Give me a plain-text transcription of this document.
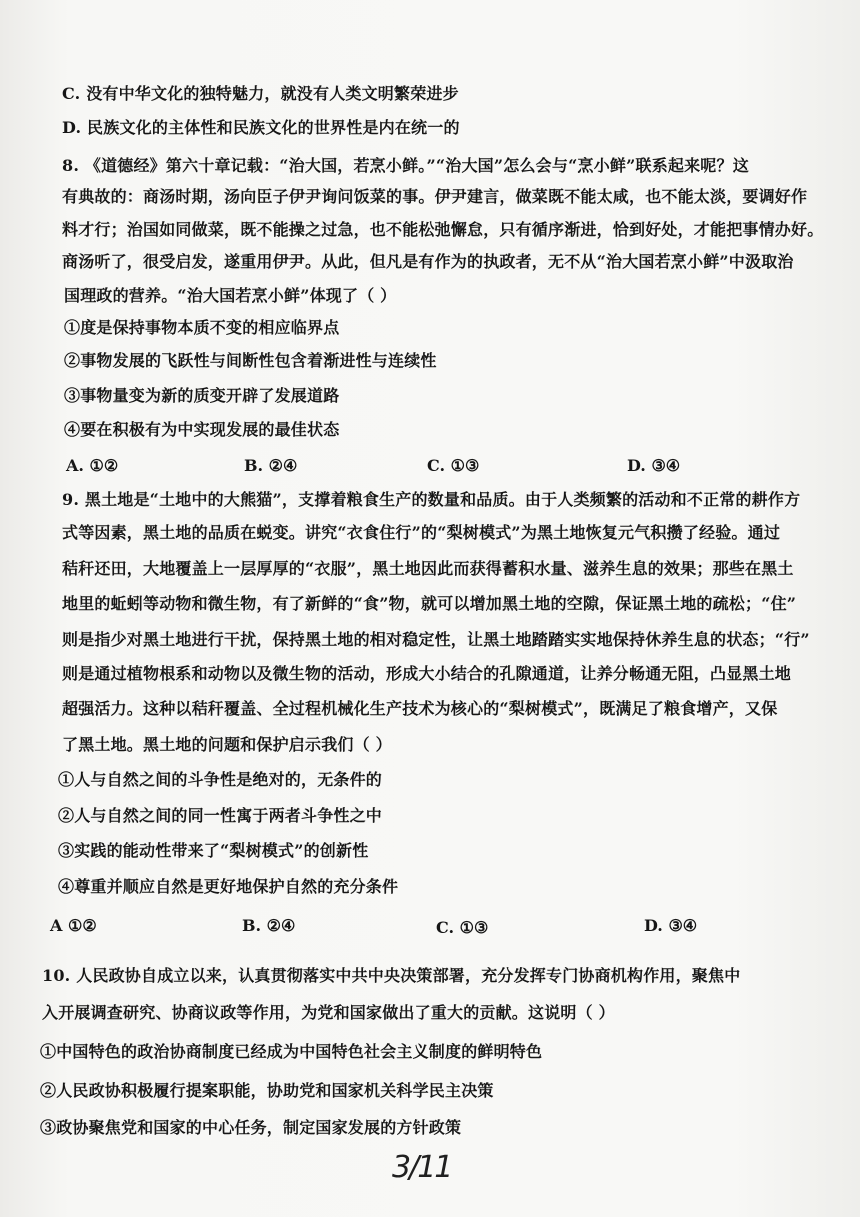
C. 没有中华文化的独特魅力，就没有人类文明繁荣进步
D. 民族文化的主体性和民族文化的世界性是内在统一的
8. 《道德经》第六十章记载：“治大国，若烹小鲜。”“治大国”怎么会与“烹小鲜”联系起来呢？这
有典故的：商汤时期，汤向臣子伊尹询问饭菜的事。伊尹建言，做菜既不能太咸，也不能太淡，要调好作
料才行；治国如同做菜，既不能操之过急，也不能松弛懈怠，只有循序渐进，恰到好处，才能把事情办好。
商汤听了，很受启发，遂重用伊尹。从此，但凡是有作为的执政者，无不从“治大国若烹小鲜”中汲取治
国理政的营养。“治大国若烹小鲜”体现了（ ）
①度是保持事物本质不变的相应临界点
②事物发展的飞跃性与间断性包含着渐进性与连续性
③事物量变为新的质变开辟了发展道路
④要在积极有为中实现发展的最佳状态
A. ①②	B. ②④	C. ①③	D. ③④
9. 黑土地是“土地中的大熊猫”，支撑着粮食生产的数量和品质。由于人类频繁的活动和不正常的耕作方
式等因素，黑土地的品质在蜕变。讲究“衣食住行”的“梨树模式”为黑土地恢复元气积攒了经验。通过
秸秆还田，大地覆盖上一层厚厚的“衣服”，黑土地因此而获得蓄积水量、滋养生息的效果；那些在黑土
地里的蚯蚓等动物和微生物，有了新鲜的“食”物，就可以增加黑土地的空隙，保证黑土地的疏松；“住”
则是指少对黑土地进行干扰，保持黑土地的相对稳定性，让黑土地踏踏实实地保持休养生息的状态；“行”
则是通过植物根系和动物以及微生物的活动，形成大小结合的孔隙通道，让养分畅通无阻，凸显黑土地
超强活力。这种以秸秆覆盖、全过程机械化生产技术为核心的“梨树模式”，既满足了粮食增产，又保
了黑土地。黑土地的问题和保护启示我们（ ）
①人与自然之间的斗争性是绝对的，无条件的
②人与自然之间的同一性寓于两者斗争性之中
③实践的能动性带来了“梨树模式”的创新性
④尊重并顺应自然是更好地保护自然的充分条件
A ①②	B. ②④	C. ①③	D. ③④
10. 人民政协自成立以来，认真贯彻落实中共中央决策部署，充分发挥专门协商机构作用，聚焦中
入开展调查研究、协商议政等作用，为党和国家做出了重大的贡献。这说明（ ）
①中国特色的政治协商制度已经成为中国特色社会主义制度的鲜明特色
②人民政协积极履行提案职能，协助党和国家机关科学民主决策
③政协聚焦党和国家的中心任务，制定国家发展的方针政策
3/11
